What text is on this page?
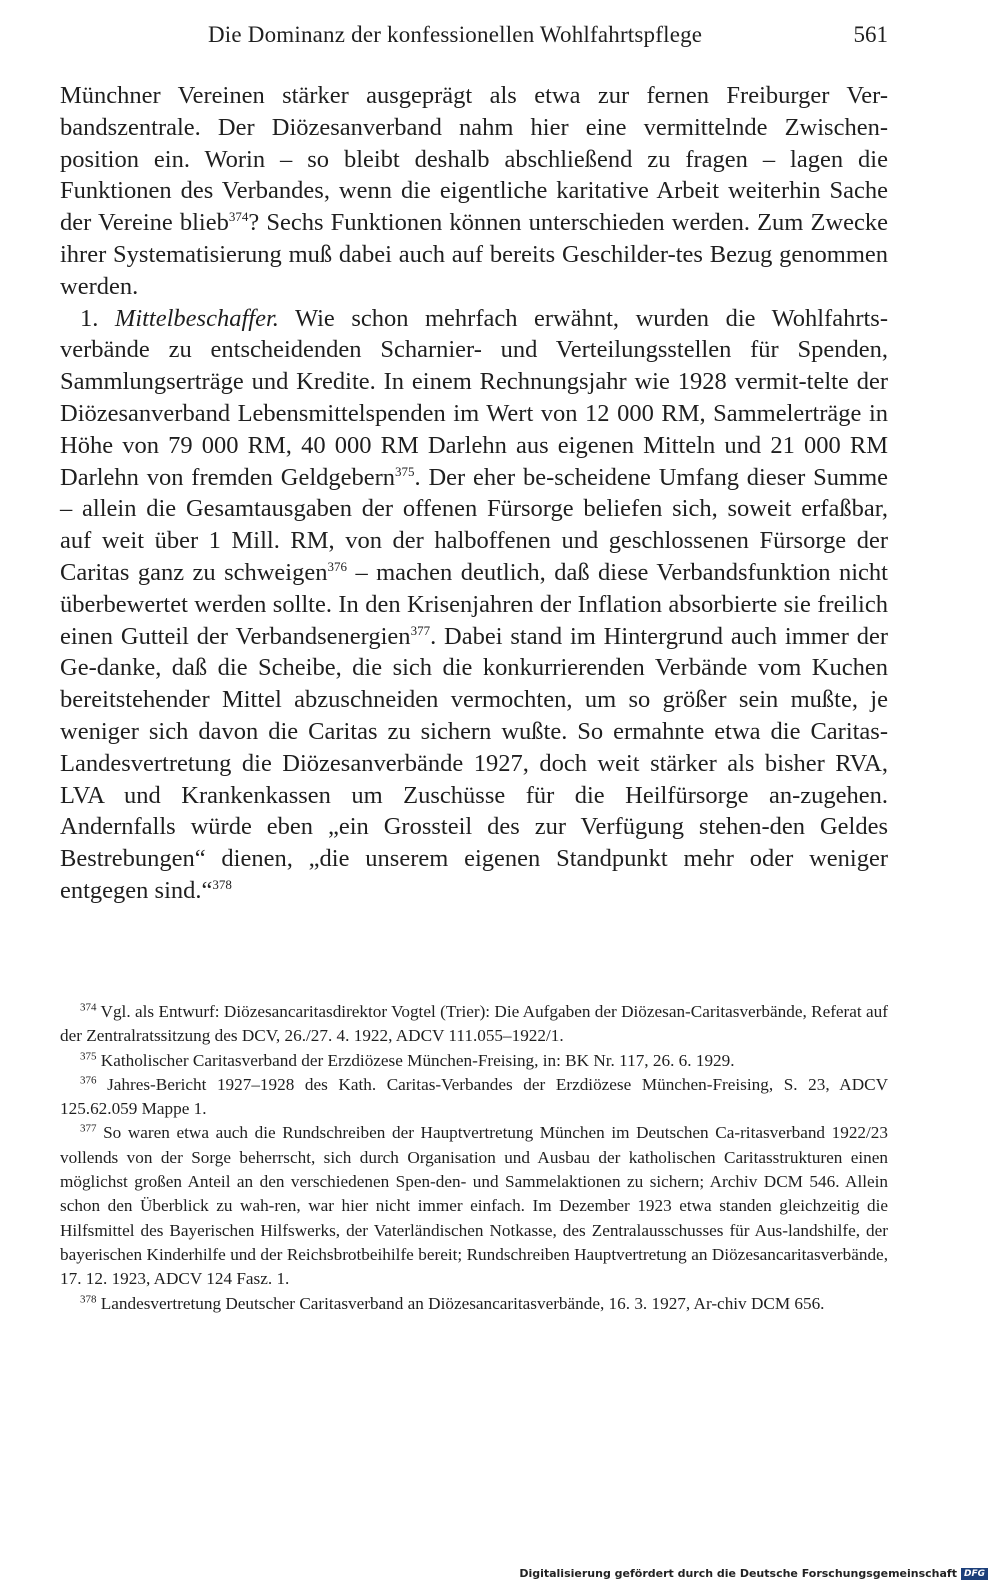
Die Dominanz der konfessionellen Wohlfahrtspflege	561

Münchner Vereinen stärker ausgeprägt als etwa zur fernen Freiburger Ver-bandszentrale. Der Diözesanverband nahm hier eine vermittelnde Zwischen-position ein. Worin – so bleibt deshalb abschließend zu fragen – lagen die Funktionen des Verbandes, wenn die eigentliche karitative Arbeit weiterhin Sache der Vereine blieb$^{374}$? Sechs Funktionen können unterschieden werden. Zum Zwecke ihrer Systematisierung muß dabei auch auf bereits Geschilder-tes Bezug genommen werden.

1. Mittelbeschaffer. Wie schon mehrfach erwähnt, wurden die Wohlfahrts-verbände zu entscheidenden Scharnier- und Verteilungsstellen für Spenden, Sammlungserträge und Kredite. In einem Rechnungsjahr wie 1928 vermit-telte der Diözesanverband Lebensmittelspenden im Wert von 12 000 RM, Sammelerträge in Höhe von 79 000 RM, 40 000 RM Darlehn aus eigenen Mitteln und 21 000 RM Darlehn von fremden Geldgebern$^{375}$. Der eher be-scheidene Umfang dieser Summe – allein die Gesamtausgaben der offenen Fürsorge beliefen sich, soweit erfaßbar, auf weit über 1 Mill. RM, von der halboffenen und geschlossenen Fürsorge der Caritas ganz zu schweigen$^{376}$ – machen deutlich, daß diese Verbandsfunktion nicht überbewertet werden sollte. In den Krisenjahren der Inflation absorbierte sie freilich einen Gutteil der Verbandsenergien$^{377}$. Dabei stand im Hintergrund auch immer der Ge-danke, daß die Scheibe, die sich die konkurrierenden Verbände vom Kuchen bereitstehender Mittel abzuschneiden vermochten, um so größer sein mußte, je weniger sich davon die Caritas zu sichern wußte. So ermahnte etwa die Caritas-Landesvertretung die Diözesanverbände 1927, doch weit stärker als bisher RVA, LVA und Krankenkassen um Zuschüsse für die Heilfürsorge an-zugehen. Andernfalls würde eben „ein Grossteil des zur Verfügung stehen-den Geldes Bestrebungen“ dienen, „die unserem eigenen Standpunkt mehr oder weniger entgegen sind.“$^{378}$

$^{374}$ Vgl. als Entwurf: Diözesancaritasdirektor Vogtel (Trier): Die Aufgaben der Diözesan-Caritasverbände, Referat auf der Zentralratssitzung des DCV, 26./27. 4. 1922, ADCV 111.055–1922/1.

$^{375}$ Katholischer Caritasverband der Erzdiözese München-Freising, in: BK Nr. 117, 26. 6. 1929.

$^{376}$ Jahres-Bericht 1927–1928 des Kath. Caritas-Verbandes der Erzdiözese München-Freising, S. 23, ADCV 125.62.059 Mappe 1.

$^{377}$ So waren etwa auch die Rundschreiben der Hauptvertretung München im Deutschen Ca-ritasverband 1922/23 vollends von der Sorge beherrscht, sich durch Organisation und Ausbau der katholischen Caritasstrukturen einen möglichst großen Anteil an den verschiedenen Spen-den- und Sammelaktionen zu sichern; Archiv DCM 546. Allein schon den Überblick zu wah-ren, war hier nicht immer einfach. Im Dezember 1923 etwa standen gleichzeitig die Hilfsmittel des Bayerischen Hilfswerks, der Vaterländischen Notkasse, des Zentralausschusses für Aus-landshilfe, der bayerischen Kinderhilfe und der Reichsbrotbeihilfe bereit; Rundschreiben Hauptvertretung an Diözesancaritasverbände, 17. 12. 1923, ADCV 124 Fasz. 1.

$^{378}$ Landesvertretung Deutscher Caritasverband an Diözesancaritasverbände, 16. 3. 1927, Ar-chiv DCM 656.

Digitalisierung gefördert durch die Deutsche Forschungsgemeinschaft DFG
